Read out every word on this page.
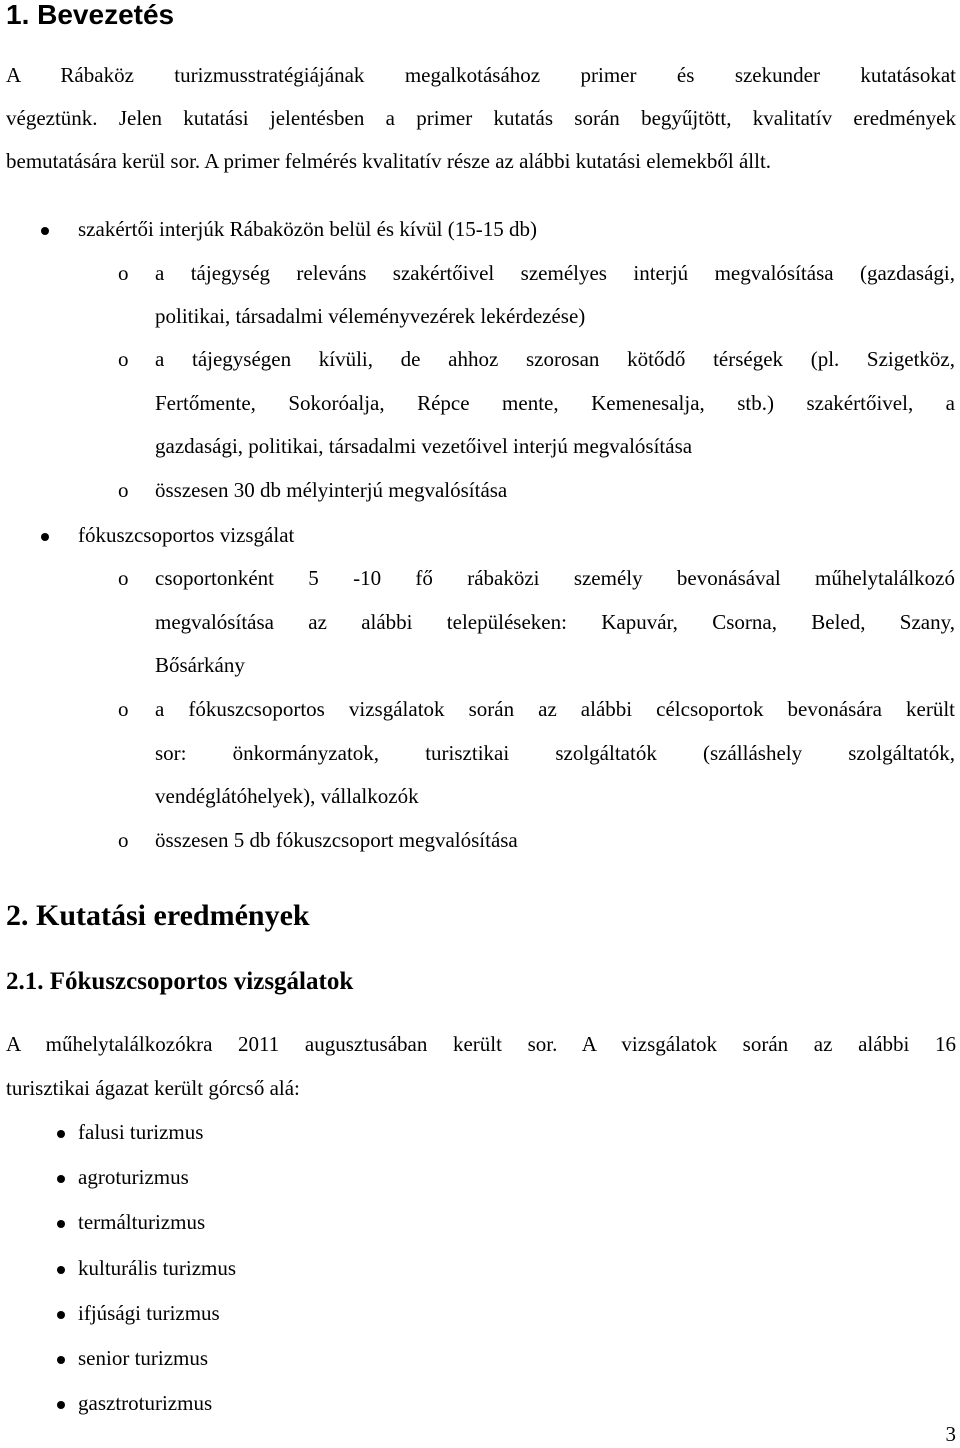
1. Bevezetés
A Rábaköz turizmusstratégiájának megalkotásához primer és szekunder kutatásokat
végeztünk. Jelen kutatási jelentésben a primer kutatás során begyűjtött, kvalitatív eredmények
bemutatására kerül sor. A primer felmérés kvalitatív része az alábbi kutatási elemekből állt.
szakértői interjúk Rábaközön belül és kívül (15-15 db)
o a tájegység releváns szakértőivel személyes interjú megvalósítása (gazdasági,
politikai, társadalmi véleményvezérek lekérdezése)
o a tájegységen kívüli, de ahhoz szorosan kötődő térségek (pl. Szigetköz,
Fertőmente, Sokoróalja, Répce mente, Kemenesalja, stb.) szakértőivel, a
gazdasági, politikai, társadalmi vezetőivel interjú megvalósítása
o összesen 30 db mélyinterjú megvalósítása
fókuszcsoportos vizsgálat
o csoportonként 5 -10 fő rábaközi személy bevonásával műhelytalálkozó
megvalósítása az alábbi településeken: Kapuvár, Csorna, Beled, Szany,
Bősárkány
o a fókuszcsoportos vizsgálatok során az alábbi célcsoportok bevonására került
sor: önkormányzatok, turisztikai szolgáltatók (szálláshely szolgáltatók,
vendéglátóhelyek), vállalkozók
o összesen 5 db fókuszcsoport megvalósítása
2. Kutatási eredmények
2.1. Fókuszcsoportos vizsgálatok
A műhelytalálkozókra 2011 augusztusában került sor. A vizsgálatok során az alábbi 16
turisztikai ágazat került górcső alá:
falusi turizmus
agroturizmus
termálturizmus
kulturális turizmus
ifjúsági turizmus
senior turizmus
gasztroturizmus
3
